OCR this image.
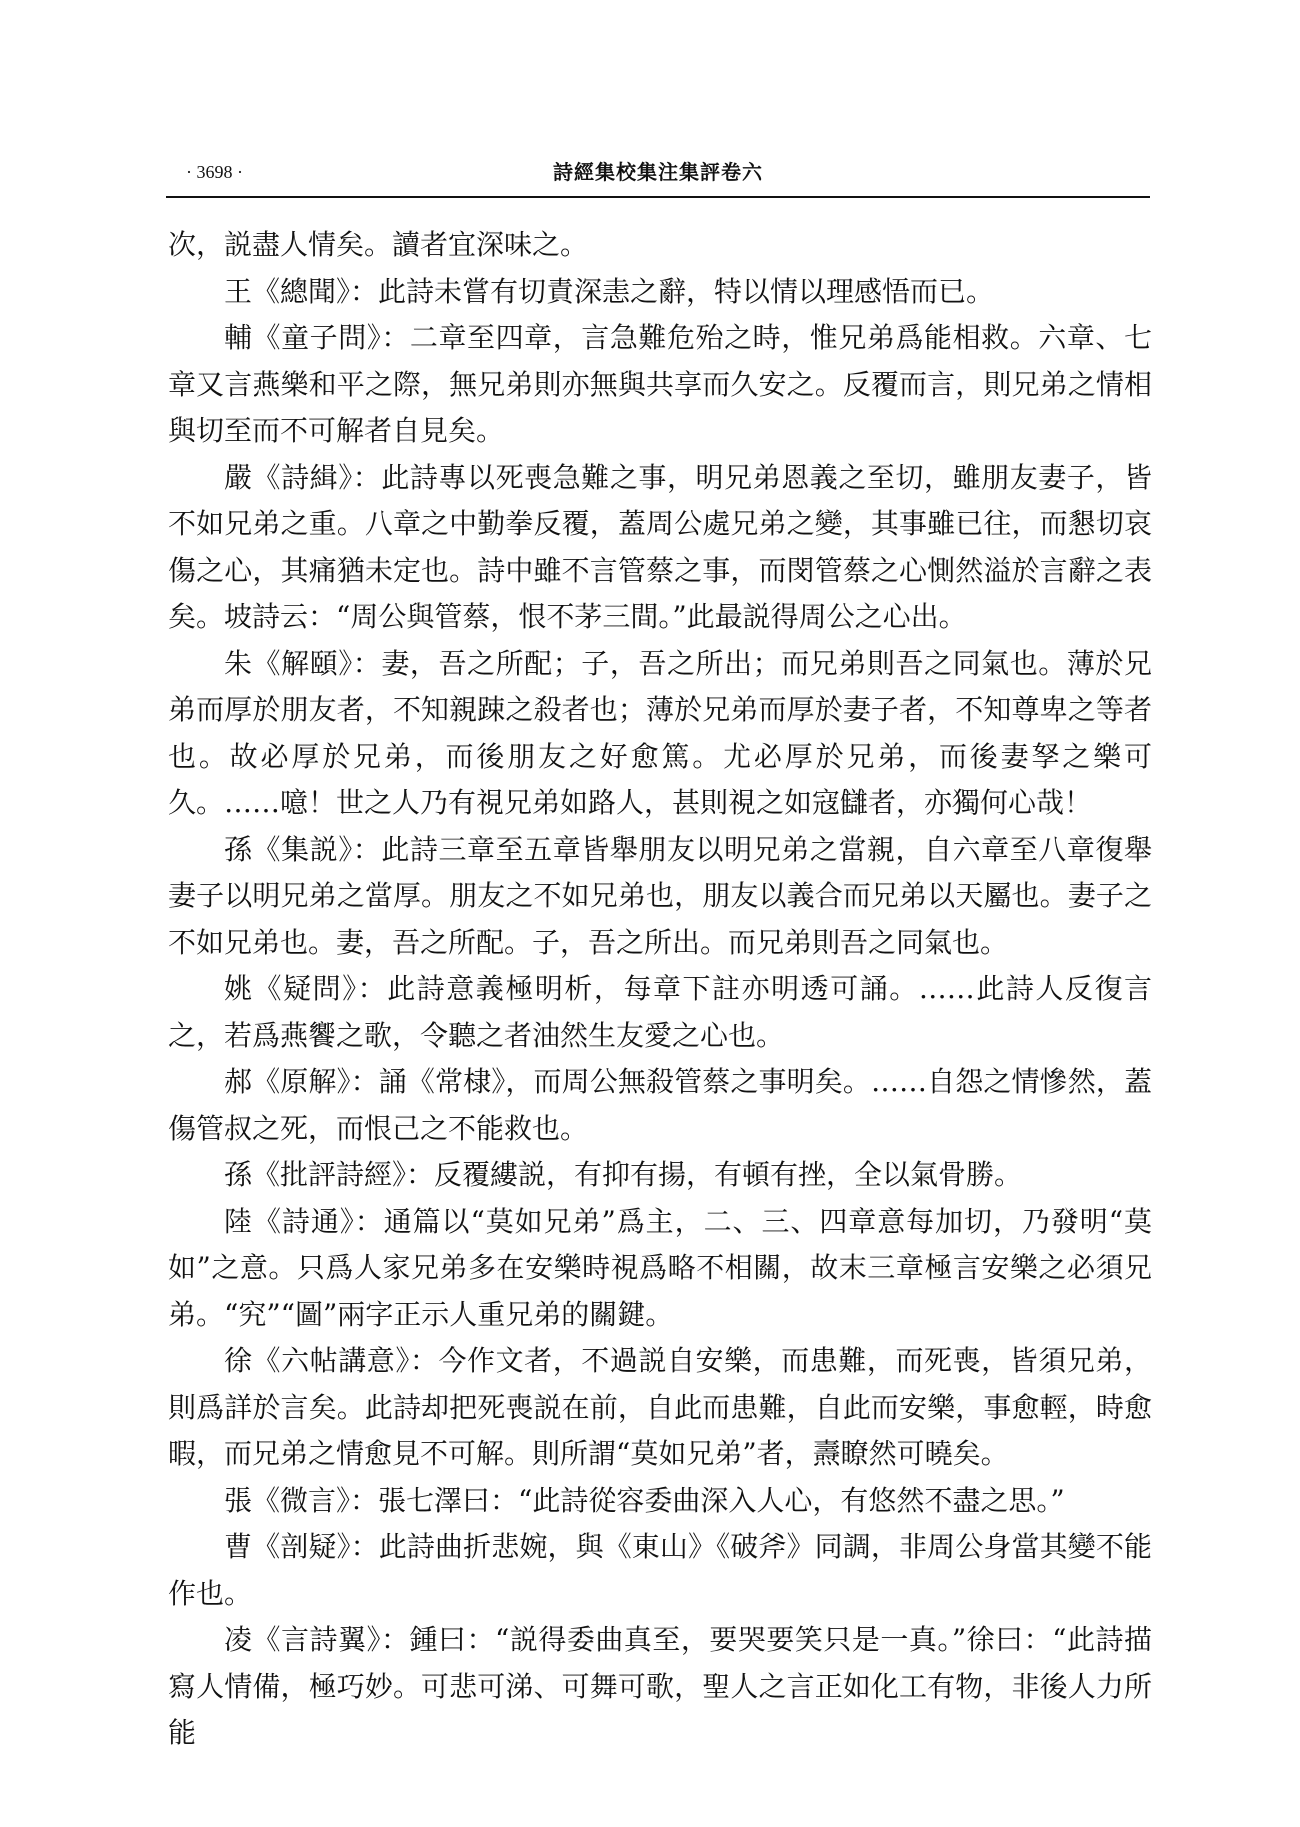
· 3698 ·	詩經集校集注集評卷六

次，説盡人情矣。讀者宜深味之。

王《總聞》：此詩未嘗有切責深恚之辭，特以情以理感悟而已。

輔《童子問》：二章至四章，言急難危殆之時，惟兄弟爲能相救。六章、七章又言燕樂和平之際，無兄弟則亦無與共享而久安之。反覆而言，則兄弟之情相與切至而不可解者自見矣。

嚴《詩緝》：此詩專以死喪急難之事，明兄弟恩義之至切，雖朋友妻子，皆不如兄弟之重。八章之中勤拳反覆，蓋周公處兄弟之變，其事雖已往，而懇切哀傷之心，其痛猶未定也。詩中雖不言管蔡之事，而閔管蔡之心惻然溢於言辭之表矣。坡詩云：“周公與管蔡，恨不茅三間。”此最説得周公之心出。

朱《解頤》：妻，吾之所配；子，吾之所出；而兄弟則吾之同氣也。薄於兄弟而厚於朋友者，不知親踈之殺者也；薄於兄弟而厚於妻子者，不知尊卑之等者也。故必厚於兄弟，而後朋友之好愈篤。尤必厚於兄弟，而後妻孥之樂可久。……噫！世之人乃有視兄弟如路人，甚則視之如寇讎者，亦獨何心哉！

孫《集説》：此詩三章至五章皆舉朋友以明兄弟之當親，自六章至八章復舉妻子以明兄弟之當厚。朋友之不如兄弟也，朋友以義合而兄弟以天屬也。妻子之不如兄弟也。妻，吾之所配。子，吾之所出。而兄弟則吾之同氣也。

姚《疑問》：此詩意義極明析，每章下註亦明透可誦。……此詩人反復言之，若爲燕饗之歌，令聽之者油然生友愛之心也。

郝《原解》：誦《常棣》，而周公無殺管蔡之事明矣。……自怨之情慘然，蓋傷管叔之死，而恨己之不能救也。

孫《批評詩經》：反覆縷説，有抑有揚，有頓有挫，全以氣骨勝。

陸《詩通》：通篇以“莫如兄弟”爲主，二、三、四章意每加切，乃發明“莫如”之意。只爲人家兄弟多在安樂時視爲略不相關，故末三章極言安樂之必須兄弟。“究”“圖”兩字正示人重兄弟的關鍵。

徐《六帖講意》：今作文者，不過説自安樂，而患難，而死喪，皆須兄弟，則爲詳於言矣。此詩却把死喪説在前，自此而患難，自此而安樂，事愈輕，時愈暇，而兄弟之情愈見不可解。則所謂“莫如兄弟”者，燾瞭然可曉矣。

張《微言》：張七澤曰：“此詩從容委曲深入人心，有悠然不盡之思。”

曹《剖疑》：此詩曲折悲婉，與《東山》《破斧》同調，非周公身當其變不能作也。

凌《言詩翼》：鍾曰：“説得委曲真至，要哭要笑只是一真。”徐曰：“此詩描寫人情備，極巧妙。可悲可涕、可舞可歌，聖人之言正如化工有物，非後人力所能
